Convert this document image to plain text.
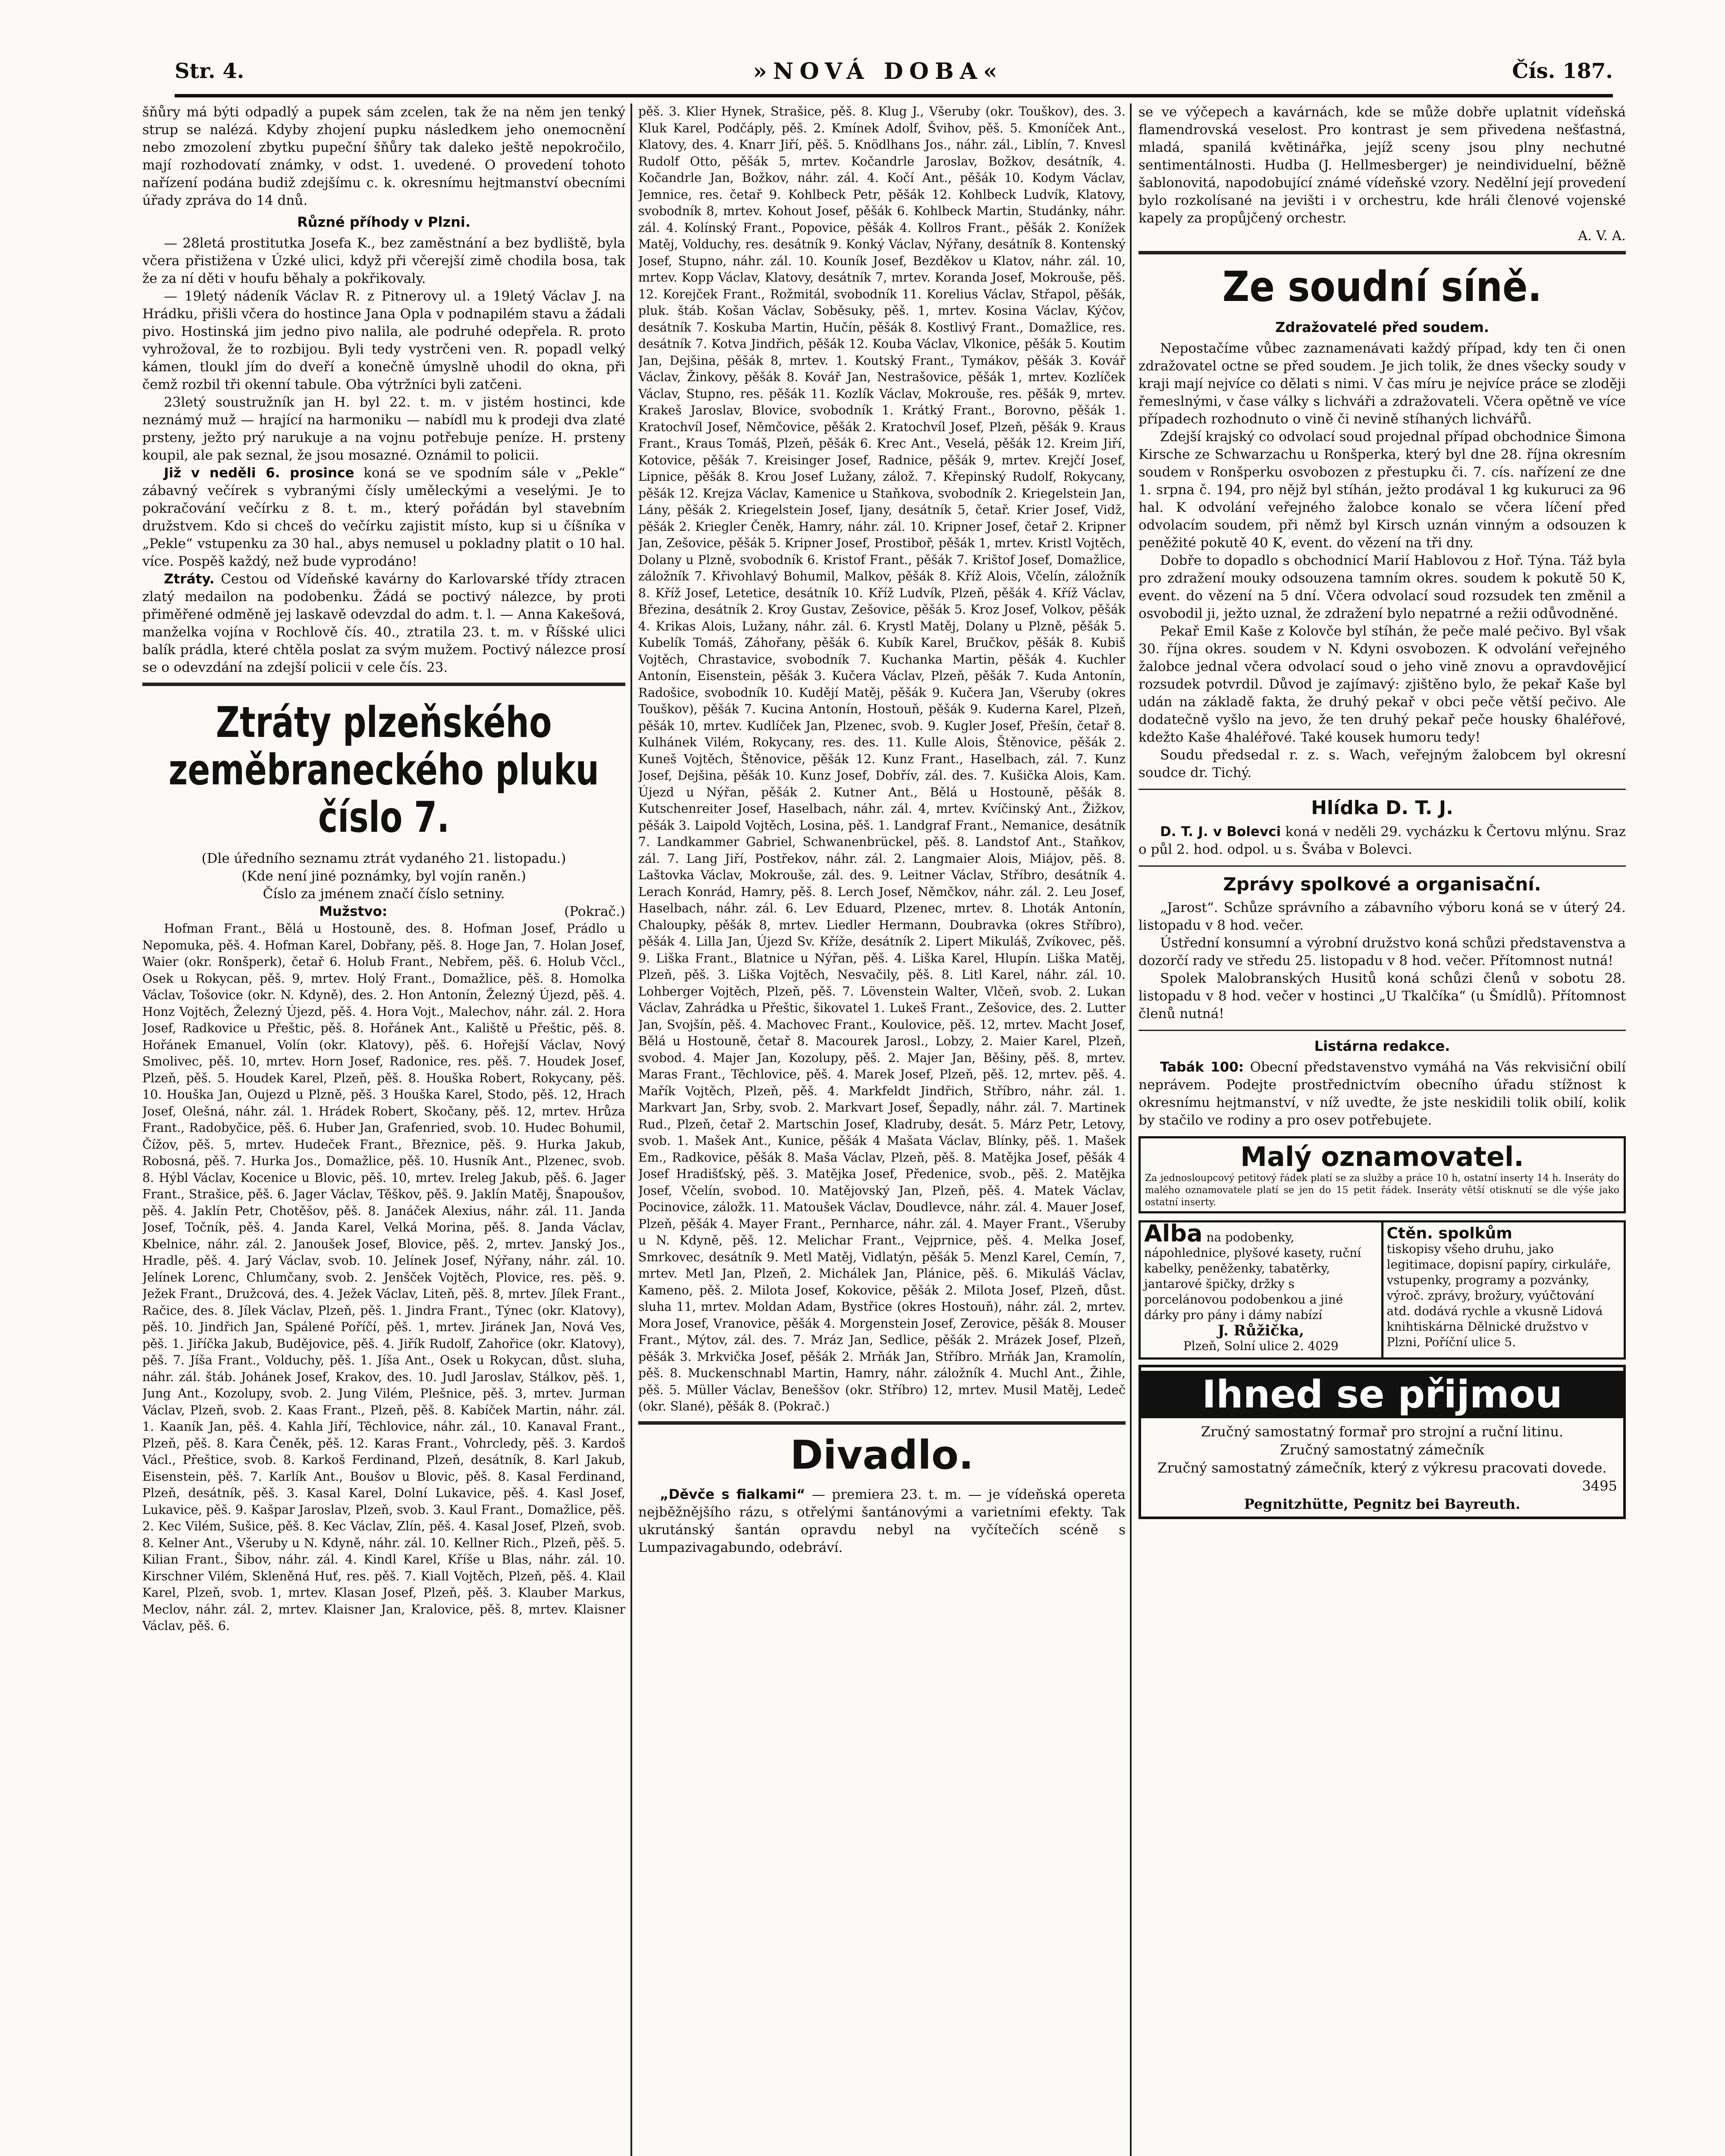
Str. 4.	»NOVÁ DOBA«	Čís. 187.

šňůry má býti odpadlý a pupek sám zcelen, tak že na něm jen tenký strup se nalézá. Kdyby zhojení pupku následkem jeho onemocnění nebo zmozolení zbytku pupeční šňůry tak daleko ještě nepokročilo, mají rozhodovatí známky, v odst. 1. uvedené. O provedení tohoto nařízení podána budiž zdejšímu c. k. okresnímu hejtmanství obecními úřady zpráva do 14 dnů.

Různé příhody v Plzni.

— 28letá prostitutka Josefa K., bez zaměstnání a bez bydliště, byla včera přistižena v Úzké ulici, když při včerejší zimě chodila bosa, tak že za ní děti v houfu běhaly a pokřikovaly.

— 19letý nádeník Václav R. z Pitnerovy ul. a 19letý Václav J. na Hrádku, přišli včera do hostince Jana Opla v podnapilém stavu a žádali pivo. Hostinská jim jedno pivo nalila, ale podruhé odepřela. R. proto vyhrožoval, že to rozbijou. Byli tedy vystrčeni ven. R. popadl velký kámen, tloukl jím do dveří a konečně úmyslně uhodil do okna, při čemž rozbil tři okenní tabule. Oba výtržníci byli zatčeni.

23letý soustružník jan H. byl 22. t. m. v jistém hostinci, kde neznámý muž — hrající na harmoniku — nabídl mu k prodeji dva zlaté prsteny, ježto prý narukuje a na vojnu potřebuje peníze. H. prsteny koupil, ale pak seznal, že jsou mosazné. Oznámil to policii.

Již v neděli 6. prosince koná se ve spodním sále v „Pekle“ zábavný večírek s vybranými čísly uměleckými a veselými. Je to pokračování večírku z 8. t. m., který pořádán byl stavebním družstvem. Kdo si chceš do večírku zajistit místo, kup si u číšníka v „Pekle“ vstupenku za 30 hal., abys nemusel u pokladny platit o 10 hal. více. Pospěš každý, než bude vyprodáno!

Ztráty. Cestou od Vídeňské kavárny do Karlovarské třídy ztracen zlatý medailon na podobenku. Žádá se poctivý nálezce, by proti přiměřené odměně jej laskavě odevzdal do adm. t. l. — Anna Kakešová, manželka vojína v Rochlově čís. 40., ztratila 23. t. m. v Říšské ulici balík prádla, které chtěla poslat za svým mužem. Poctivý nálezce prosí se o odevzdání na zdejší policii v cele čís. 23.

Ztráty plzeňského zeměbraneckého pluku číslo 7.

(Dle úředního seznamu ztrát vydaného 21. listopadu.)

(Kde není jiné poznámky, byl vojín raněn.)

Číslo za jménem značí číslo setniny.

Mužstvo:	(Pokrač.)

Hofman Frant., Bělá u Hostouně, des. 8. Hofman Josef, Prádlo u Nepomuka, pěš. 4. Hofman Karel, Dobřany, pěš. 8. Hoge Jan, 7. Holan Josef, Waier (okr. Ronšperk), četař 6. Holub Frant., Nebřem, pěš. 6. Holub Včcl., Osek u Rokycan, pěš. 9, mrtev. Holý Frant., Domažlice, pěš. 8. Homolka Václav, Tošovice (okr. N. Kdyně), des. 2. Hon Antonín, Železný Újezd, pěš. 4. Honz Vojtěch, Železný Újezd, pěš. 4. Hora Vojt., Malechov, náhr. zál. 2. Hora Josef, Radkovice u Přeštic, pěš. 8. Hořánek Ant., Kaliště u Přeštic, pěš. 8. Hořánek Emanuel, Volín (okr. Klatovy), pěš. 6. Hořejší Václav, Nový Smolivec, pěš. 10, mrtev. Horn Josef, Radonice, res. pěš. 7. Houdek Josef, Plzeň, pěš. 5. Houdek Karel, Plzeň, pěš. 8. Houška Robert, Rokycany, pěš. 10. Houška Jan, Oujezd u Plzně, pěš. 3 Houška Karel, Stodo, pěš. 12, Hrach Josef, Olešná, náhr. zál. 1. Hrádek Robert, Skočany, pěš. 12, mrtev. Hrůza Frant., Radobyčice, pěš. 6. Huber Jan, Grafenried, svob. 10. Hudec Bohumil, Čížov, pěš. 5, mrtev. Hudeček Frant., Březnice, pěš. 9. Hurka Jakub, Robosná, pěš. 7. Hurka Jos., Domažlice, pěš. 10. Husník Ant., Plzenec, svob. 8. Hýbl Václav, Kocenice u Blovic, pěš. 10, mrtev. Ireleg Jakub, pěš. 6. Jager Frant., Strašice, pěš. 6. Jager Václav, Těškov, pěš. 9. Jaklín Matěj, Šnapoušov, pěš. 4. Jaklín Petr, Chotěšov, pěš. 8. Janáček Alexius, náhr. zál. 11. Janda Josef, Točník, pěš. 4. Janda Karel, Velká Morina, pěš. 8. Janda Václav, Kbelnice, náhr. zál. 2. Janoušek Josef, Blovice, pěš. 2, mrtev. Janský Jos., Hradle, pěš. 4. Jarý Václav, svob. 10. Jelínek Josef, Nýřany, náhr. zál. 10. Jelínek Lorenc, Chlumčany, svob. 2. Jenšček Vojtěch, Plovice, res. pěš. 9. Ježek Frant., Družcová, des. 4. Ježek Václav, Liteň, pěš. 8, mrtev. Jílek Frant., Račice, des. 8. Jílek Václav, Plzeň, pěš. 1. Jindra Frant., Týnec (okr. Klatovy), pěš. 10. Jindřich Jan, Spálené Poříčí, pěš. 1, mrtev. Jiránek Jan, Nová Ves, pěš. 1. Jiříčka Jakub, Budějovice, pěš. 4. Jiřík Rudolf, Zahořice (okr. Klatovy), pěš. 7. Jíša Frant., Volduchy, pěš. 1. Jíša Ant., Osek u Rokycan, důst. sluha, náhr. zál. štáb. Johánek Josef, Krakov, des. 10. Judl Jaroslav, Stálkov, pěš. 1, Jung Ant., Kozolupy, svob. 2. Jung Vilém, Plešnice, pěš. 3, mrtev. Jurman Václav, Plzeň, svob. 2. Kaas Frant., Plzeň, pěš. 8. Kabíček Martin, náhr. zál. 1. Kaaník Jan, pěš. 4. Kahla Jiří, Těchlovice, náhr. zál., 10. Kanaval Frant., Plzeň, pěš. 8. Kara Čeněk, pěš. 12. Karas Frant., Vohrcledy, pěš. 3. Kardoš Václ., Přeštice, svob. 8. Karkoš Ferdinand, Plzeň, desátník, 8. Karl Jakub, Eisenstein, pěš. 7. Karlík Ant., Boušov u Blovic, pěš. 8. Kasal Ferdinand, Plzeň, desátník, pěš. 3. Kasal Karel, Dolní Lukavice, pěš. 4. Kasl Josef, Lukavice, pěš. 9. Kašpar Jaroslav, Plzeň, svob. 3. Kaul Frant., Domažlice, pěš. 2. Kec Vilém, Sušice, pěš. 8. Kec Václav, Zlín, pěš. 4. Kasal Josef, Plzeň, svob. 8. Kelner Ant., Všeruby u N. Kdyně, náhr. zál. 10. Kellner Rich., Plzeň, pěš. 5. Kilian Frant., Šibov, náhr. zál. 4. Kindl Karel, Kříše u Blas, náhr. zál. 10. Kirschner Vilém, Skleněná Huť, res. pěš. 7. Kiall Vojtěch, Plzeň, pěš. 4. Klail Karel, Plzeň, svob. 1, mrtev. Klasan Josef, Plzeň, pěš. 3. Klauber Markus, Meclov, náhr. zál. 2, mrtev. Klaisner Jan, Kralovice, pěš. 8, mrtev. Klaisner Václav, pěš. 6.

pěš. 3. Klier Hynek, Strašice, pěš. 8. Klug J., Všeruby (okr. Touškov), des. 3. Kluk Karel, Podčáply, pěš. 2. Kmínek Adolf, Švihov, pěš. 5. Kmoníček Ant., Klatovy, des. 4. Knarr Jiří, pěš. 5. Knödlhans Jos., náhr. zál., Liblín, 7. Knvesl Rudolf Otto, pěšák 5, mrtev. Kočandrle Jaroslav, Božkov, desátník, 4. Kočandrle Jan, Božkov, náhr. zál. 4. Kočí Ant., pěšák 10. Kodym Václav, Jemnice, res. četař 9. Kohlbeck Petr, pěšák 12. Kohlbeck Ludvík, Klatovy, svobodník 8, mrtev. Kohout Josef, pěšák 6. Kohlbeck Martin, Studánky, náhr. zál. 4. Kolínský Frant., Popovice, pěšák 4. Kollros Frant., pěšák 2. Konížek Matěj, Volduchy, res. desátník 9. Konký Václav, Nýřany, desátník 8. Kontenský Josef, Stupno, náhr. zál. 10. Kouník Josef, Bezděkov u Klatov, náhr. zál. 10, mrtev. Kopp Václav, Klatovy, desátník 7, mrtev. Koranda Josef, Mokrouše, pěš. 12. Korejček Frant., Rožmitál, svobodník 11. Korelius Václav, Střapol, pěšák, pluk. štáb. Košan Václav, Soběsuky, pěš. 1, mrtev. Kosina Václav, Kýčov, desátník 7. Koskuba Martin, Hučín, pěšák 8. Kostlivý Frant., Domažlice, res. desátník 7. Kotva Jindřich, pěšák 12. Kouba Václav, Vlkonice, pěšák 5. Koutim Jan, Dejšina, pěšák 8, mrtev. 1. Koutský Frant., Tymákov, pěšák 3. Kovář Václav, Žinkovy, pěšák 8. Kovář Jan, Nestrašovice, pěšák 1, mrtev. Kozlíček Václav, Stupno, res. pěšák 11. Kozlík Václav, Mokrouše, res. pěšák 9, mrtev. Krakeš Jaroslav, Blovice, svobodník 1. Krátký Frant., Borovno, pěšák 1. Kratochvíl Josef, Němčovice, pěšák 2. Kratochvíl Josef, Plzeň, pěšák 9. Kraus Frant., Kraus Tomáš, Plzeň, pěšák 6. Krec Ant., Veselá, pěšák 12. Kreim Jiří, Kotovice, pěšák 7. Kreisinger Josef, Radnice, pěšák 9, mrtev. Krejčí Josef, Lipnice, pěšák 8. Krou Josef Lužany, zálož. 7. Křepinský Rudolf, Rokycany, pěšák 12. Krejza Václav, Kamenice u Staňkova, svobodník 2. Kriegelstein Jan, Lány, pěšák 2. Kriegelstein Josef, Ijany, desátník 5, četař. Krier Josef, Vidž, pěšák 2. Kriegler Čeněk, Hamry, náhr. zál. 10. Kripner Josef, četař 2. Kripner Jan, Zešovice, pěšák 5. Kripner Josef, Prostiboř, pěšák 1, mrtev. Kristl Vojtěch, Dolany u Plzně, svobodník 6. Kristof Frant., pěšák 7. Krištof Josef, Domažlice, záložník 7. Křivohlavý Bohumil, Malkov, pěšák 8. Kříž Alois, Včelín, záložník 8. Kříž Josef, Letetice, desátník 10. Kříž Ludvík, Plzeň, pěšák 4. Kříž Václav, Březina, desátník 2. Kroy Gustav, Zešovice, pěšák 5. Kroz Josef, Volkov, pěšák 4. Krikas Alois, Lužany, náhr. zál. 6. Krystl Matěj, Dolany u Plzně, pěšák 5. Kubelík Tomáš, Záhořany, pěšák 6. Kubík Karel, Bručkov, pěšák 8. Kubiš Vojtěch, Chrastavice, svobodník 7. Kuchanka Martin, pěšák 4. Kuchler Antonín, Eisenstein, pěšák 3. Kučera Václav, Plzeň, pěšák 7. Kuda Antonín, Radošice, svobodník 10. Kudějí Matěj, pěšák 9. Kučera Jan, Všeruby (okres Touškov), pěšák 7. Kucina Antonín, Hostouň, pěšák 9. Kuderna Karel, Plzeň, pěšák 10, mrtev. Kudlíček Jan, Plzenec, svob. 9. Kugler Josef, Přešín, četař 8. Kulhánek Vilém, Rokycany, res. des. 11. Kulle Alois, Štěnovice, pěšák 2. Kuneš Vojtěch, Štěnovice, pěšák 12. Kunz Frant., Haselbach, zál. 7. Kunz Josef, Dejšina, pěšák 10. Kunz Josef, Dobřív, zál. des. 7. Kušička Alois, Kam. Újezd u Nýřan, pěšák 2. Kutner Ant., Bělá u Hostouně, pěšák 8. Kutschenreiter Josef, Haselbach, náhr. zál. 4, mrtev. Kvíčinský Ant., Žižkov, pěšák 3. Laipold Vojtěch, Losina, pěš. 1. Landgraf Frant., Nemanice, desátník 7. Landkammer Gabriel, Schwanenbrückel, pěš. 8. Landstof Ant., Staňkov, zál. 7. Lang Jiří, Postřekov, náhr. zál. 2. Langmaier Alois, Miájov, pěš. 8. Laštovka Václav, Mokrouše, zál. des. 9. Leitner Václav, Stříbro, desátník 4. Lerach Konrád, Hamry, pěš. 8. Lerch Josef, Němčkov, náhr. zál. 2. Leu Josef, Haselbach, náhr. zál. 6. Lev Eduard, Plzenec, mrtev. 8. Lhoták Antonín, Chaloupky, pěšák 8, mrtev. Liedler Hermann, Doubravka (okres Stříbro), pěšák 4. Lilla Jan, Újezd Sv. Kříže, desátník 2. Lipert Mikuláš, Zvíkovec, pěš. 9. Liška Frant., Blatnice u Nýřan, pěš. 4. Liška Karel, Hlupín. Liška Matěj, Plzeň, pěš. 3. Liška Vojtěch, Nesvačily, pěš. 8. Litl Karel, náhr. zál. 10. Lohberger Vojtěch, Plzeň, pěš. 7. Lövenstein Walter, Vlčeň, svob. 2. Lukan Václav, Zahrádka u Přeštic, šikovatel 1. Lukeš Frant., Zešovice, des. 2. Lutter Jan, Svojšín, pěš. 4. Machovec Frant., Koulovice, pěš. 12, mrtev. Macht Josef, Bělá u Hostouně, četař 8. Macourek Jarosl., Lobzy, 2. Maier Karel, Plzeň, svobod. 4. Majer Jan, Kozolupy, pěš. 2. Majer Jan, Běšiny, pěš. 8, mrtev. Maras Frant., Těchlovice, pěš. 4. Marek Josef, Plzeň, pěš. 12, mrtev. pěš. 4. Mařík Vojtěch, Plzeň, pěš. 4. Markfeldt Jindřich, Stříbro, náhr. zál. 1. Markvart Jan, Srby, svob. 2. Markvart Josef, Šepadly, náhr. zál. 7. Martinek Rud., Plzeň, četař 2. Martschin Josef, Kladruby, desát. 5. Márz Petr, Letovy, svob. 1. Mašek Ant., Kunice, pěšák 4 Mašata Václav, Blínky, pěš. 1. Mašek Em., Radkovice, pěšák 8. Maša Václav, Plzeň, pěš. 8. Matějka Josef, pěšák 4 Josef Hradišťský, pěš. 3. Matějka Josef, Předenice, svob., pěš. 2. Matějka Josef, Včelín, svobod. 10. Matějovský Jan, Plzeň, pěš. 4. Matek Václav, Pocinovice, záložk. 11. Matoušek Václav, Doudlevce, náhr. zál. 4. Mauer Josef, Plzeň, pěšák 4. Mayer Frant., Pernharce, náhr. zál. 4. Mayer Frant., Všeruby u N. Kdyně, pěš. 12. Melichar Frant., Vejprnice, pěš. 4. Melka Josef, Smrkovec, desátník 9. Metl Matěj, Vidlatýn, pěšák 5. Menzl Karel, Cemín, 7, mrtev. Metl Jan, Plzeň, 2. Michálek Jan, Plánice, pěš. 6. Mikuláš Václav, Kameno, pěš. 2. Milota Josef, Kokovice, pěšák 2. Milota Josef, Plzeň, důst. sluha 11, mrtev. Moldan Adam, Bystřice (okres Hostouň), náhr. zál. 2, mrtev. Mora Josef, Vranovice, pěšák 4. Morgenstein Josef, Zerovice, pěšák 8. Mouser Frant., Mýtov, zál. des. 7. Mráz Jan, Sedlice, pěšák 2. Mrázek Josef, Plzeň, pěšák 3. Mrkvička Josef, pěšák 2. Mrňák Jan, Stříbro. Mrňák Jan, Kramolín, pěš. 8. Muckenschnabl Martin, Hamry, náhr. záložník 4. Muchl Ant., Žihle, pěš. 5. Müller Václav, Beneššov (okr. Stříbro) 12, mrtev. Musil Matěj, Ledeč (okr. Slané), pěšák 8. (Pokrač.)

Divadlo.

„Děvče s fialkami“ — premiera 23. t. m. — je vídeňská opereta nejběžnějšího rázu, s otřelými šantánovými a varietními efekty. Tak ukrutánský šantán opravdu nebyl na vyčítečích scéně s Lumpazivagabundo, odebráví.

se ve výčepech a kavárnách, kde se může dobře uplatnit vídeňská flamendrovská veselost. Pro kontrast je sem přivedena nešťastná, mladá, spanilá květinářka, jejíž sceny jsou plny nechutné sentimentálnosti. Hudba (J. Hellmesberger) je neindividuelní, běžně šablonovitá, napodobující známé vídeňské vzory. Nedělní její provedení bylo rozkolísané na jevišti i v orchestru, kde hráli členové vojenské kapely za propůjčený orchestr.

A. V. A.

Ze soudní síně.
Zdražovatelé před soudem.

Nepostačíme vůbec zaznamenávati každý případ, kdy ten či onen zdražovatel octne se před soudem. Je jich tolik, že dnes všecky soudy v kraji mají nejvíce co dělati s nimi. V čas míru je nejvíce práce se zloději řemeslnými, v čase války s lichváři a zdražovateli. Včera opětně ve více případech rozhodnuto o vině či nevině stíhaných lichvářů.

Zdejší krajský co odvolací soud projednal případ obchodnice Šimona Kirsche ze Schwarzachu u Ronšperka, který byl dne 28. října okresním soudem v Ronšperku osvobozen z přestupku či. 7. cís. nařízení ze dne 1. srpna č. 194, pro nějž byl stíhán, ježto prodával 1 kg kukuruci za 96 hal. K odvolání veřejného žalobce konalo se včera líčení před odvolacím soudem, při němž byl Kirsch uznán vinným a odsouzen k peněžité pokutě 40 K, event. do vězení na tři dny.

Dobře to dopadlo s obchodnicí Marií Hablovou z Hoř. Týna. Táž byla pro zdražení mouky odsouzena tamním okres. soudem k pokutě 50 K, event. do vězení na 5 dní. Včera odvolací soud rozsudek ten změnil a osvobodil ji, ježto uznal, že zdražení bylo nepatrné a režii odůvodněné.

Pekař Emil Kaše z Kolovče byl stíhán, že peče malé pečivo. Byl však 30. října okres. soudem v N. Kdyni osvobozen. K odvolání veřejného žalobce jednal včera odvolací soud o jeho vině znovu a opravdovějicí rozsudek potvrdil. Důvod je zajímavý: zjištěno bylo, že pekař Kaše byl udán na základě fakta, že druhý pekař v obci peče větší pečivo. Ale dodatečně vyšlo na jevo, že ten druhý pekař peče housky 6haléřové, kdežto Kaše 4haléřové. Také kousek humoru tedy!

Soudu předsedal r. z. s. Wach, veřejným žalobcem byl okresní soudce dr. Tichý.

Hlídka D. T. J.

D. T. J. v Bolevci koná v neděli 29. vycházku k Čertovu mlýnu. Sraz o půl 2. hod. odpol. u s. Švába v Bolevci.

Zprávy spolkové a organisační.

„Jarost“. Schůze správního a zábavního výboru koná se v úterý 24. listopadu v 8 hod. večer.

Ústřední konsumní a výrobní družstvo koná schůzi představenstva a dozorčí rady ve středu 25. listopadu v 8 hod. večer. Přítomnost nutná!

Spolek Malobranských Husitů koná schůzi členů v sobotu 28. listopadu v 8 hod. večer v hostinci „U Tkalčíka“ (u Šmídlů). Přítomnost členů nutná!

Listárna redakce.

Tabák 100: Obecní představenstvo vymáhá na Vás rekvisiční obilí neprávem. Podejte prostřednictvím obecního úřadu stížnost k okresnímu hejtmanství, v níž uvedte, že jste neskidili tolik obilí, kolik by stačilo ve rodiny a pro osev potřebujete.

Malý oznamovatel.

Za jednosloupcový petitový řádek platí se za služby a práce 10 h, ostatní inserty 14 h. Inseráty do malého oznamovatele platí se jen do 15 petit řádek. Inseráty větší otisknutí se dle výše jako ostatní inserty.

Alba na podobenky, nápohlednice, plyšové kasety, ruční kabelky, peněženky, tabatěrky, jantarové špičky, držky s porcelánovou podobenkou a jiné dárky pro pány i dámy nabízí
J. Růžička,
Plzeň, Solní ulice 2. 4029
Ctěn. spolkům
tiskopisy všeho druhu, jako legitimace, dopisní papíry, cirkuláře, vstupenky, programy a pozvánky, výroč. zprávy, brožury, vyúčtování atd. dodává rychle a vkusně Lidová knihtiskárna Dělnické družstvo v Plzni, Poříční ulice 5.
Ihned se přijmou

Zručný samostatný formař pro strojní a ruční litinu.

Zručný samostatný zámečník

Zručný samostatný zámečník, který z výkresu pracovati dovede.

3495

Pegnitzhütte, Pegnitz bei Bayreuth.
